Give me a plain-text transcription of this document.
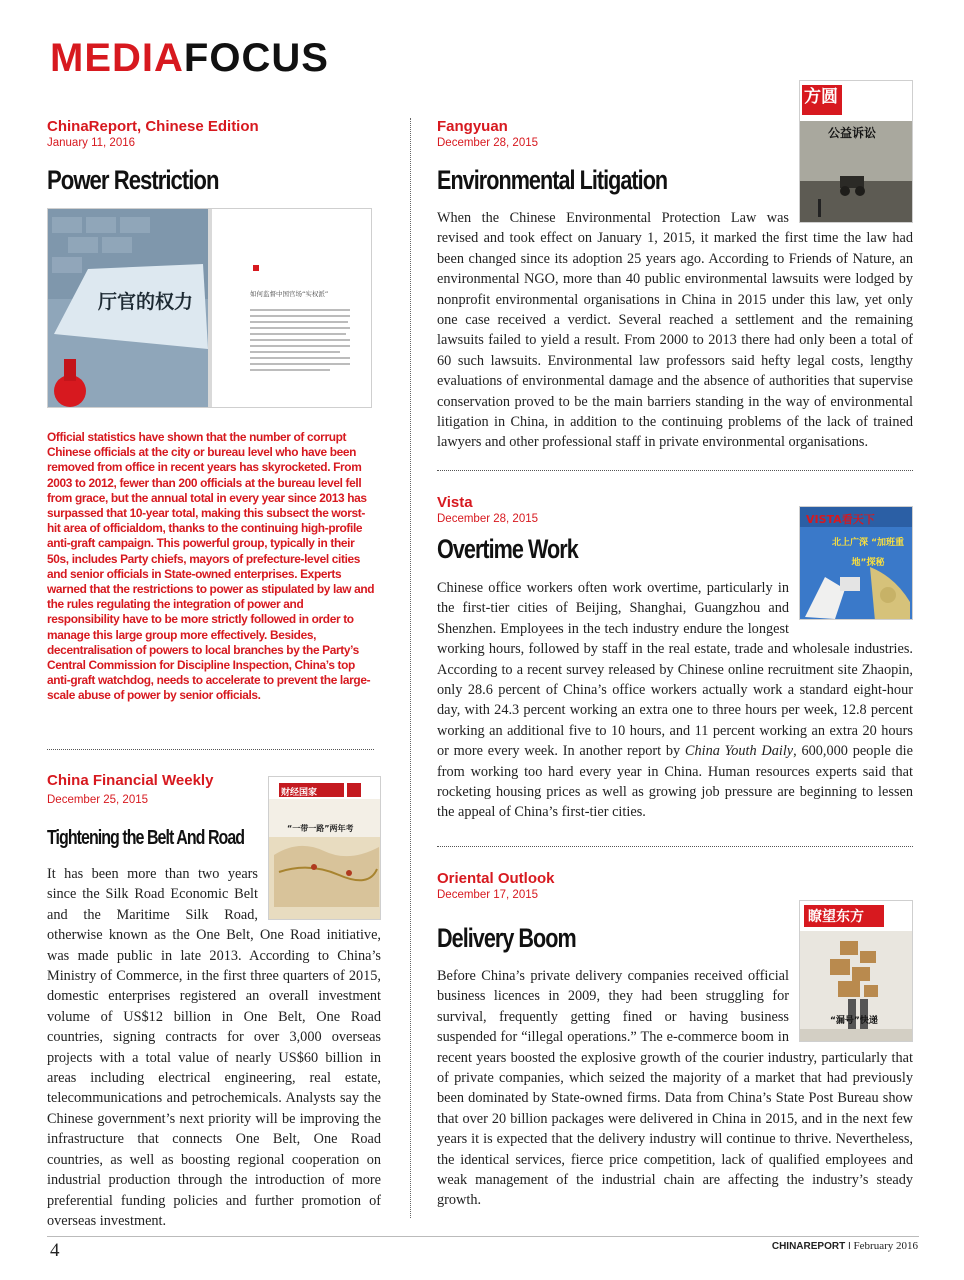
MEDIAFOCUS
ChinaReport, Chinese Edition
January 11, 2016
Power Restriction
厅官的权力	如何监督中国官场“实权派”
Official statistics have shown that the number of corrupt Chinese officials at the city or bureau level who have been removed from office in recent years has skyrocketed. From 2003 to 2012, fewer than 200 officials at the bureau level fell from grace, but the annual total in every year since 2013 has surpassed that 10-year total, making this subsect the worst-hit area of officialdom, thanks to the continuing high-profile anti-graft campaign. This powerful group, typically in their 50s, includes Party chiefs, mayors of prefecture-level cities and senior officials in State-owned enterprises. Experts warned that the restrictions to power as stipulated by law and the rules regulating the integration of power and responsibility have to be more strictly followed in order to manage this large group more effectively. Besides, decentralisation of powers to local branches by the Party’s Central Commission for Discipline Inspection, China’s top anti-graft watchdog, needs to accelerate to prevent the large-scale abuse of power by senior officials.
China Financial Weekly
December 25, 2015
Tightening the Belt And Road
财经国家
“一带一路”两年考

It has been more than two years since the Silk Road Economic Belt and the Maritime Silk Road, otherwise known as the One Belt, One Road initiative, was made public in late 2013. According to China’s Ministry of Commerce, in the first three quarters of 2015, domestic enterprises registered an overall investment volume of US$12 billion in One Belt, One Road countries, signing contracts for over 3,000 overseas projects with a total value of nearly US$60 billion in areas including electrical engineering, real estate, telecommunications and petrochemicals. Analysts say the Chinese government’s next priority will be improving the infrastructure that connects One Belt, One Road countries, as well as boosting regional cooperation on industrial production through the introduction of more preferential funding policies and further promotion of overseas investment.

Fangyuan
December 28, 2015
Environmental Litigation
方圆
公益诉讼

When the Chinese Environmental Protection Law was revised and took effect on January 1, 2015, it marked the first time the law had been changed since its adoption 25 years ago. According to Friends of Nature, an environmental NGO, more than 40 public environmental lawsuits were lodged by nonprofit environmental organisations in China in 2015 under this law, yet only one case received a verdict. Several reached a settlement and the remaining lawsuits failed to yield a result. From 2000 to 2013 there had only been a total of 60 such lawsuits. Environmental law professors said hefty legal costs, lengthy evaluations of environmental damage and the absence of authorities that supervise conservation proved to be the main barriers standing in the way of environmental litigation in China, in addition to the continuing problems of the lack of trained lawyers and other professional staff in private environmental organisations.

Vista
December 28, 2015
Overtime Work
VISTA看天下
北上广深 “加班重地”探秘

Chinese office workers often work overtime, particularly in the first-tier cities of Beijing, Shanghai, Guangzhou and Shenzhen. Employees in the tech industry endure the longest working hours, followed by staff in the real estate, trade and wholesale industries. According to a recent survey released by Chinese online recruitment site Zhaopin, only 28.6 percent of China’s office workers actually work a standard eight-hour day, with 24.3 percent working an extra one to three hours per week, 12.8 percent working an additional five to 10 hours, and 11 percent working an extra 20 hours or more every week. In another report by China Youth Daily, 600,000 people die from working too hard every year in China. Human resources experts said that rocketing housing prices as well as growing job pressure are beginning to lessen the appeal of China’s first-tier cities.

Oriental Outlook
December 17, 2015
Delivery Boom
瞭望东方
“漏号”快递

Before China’s private delivery companies received official business licences in 2009, they had been struggling for survival, frequently getting fined or having business suspended for “illegal operations.” The e-commerce boom in recent years boosted the explosive growth of the courier industry, particularly that of private companies, which seized the majority of a market that had previously been dominated by State-owned firms. Data from China’s State Post Bureau show that over 20 billion packages were delivered in China in 2015, and in the next few years it is expected that the delivery industry will continue to thrive. Nevertheless, the identical services, fierce price competition, lack of qualified employees and weak management of the industrial chain are affecting the industry’s steady growth.

4	CHINAREPORT I February 2016
